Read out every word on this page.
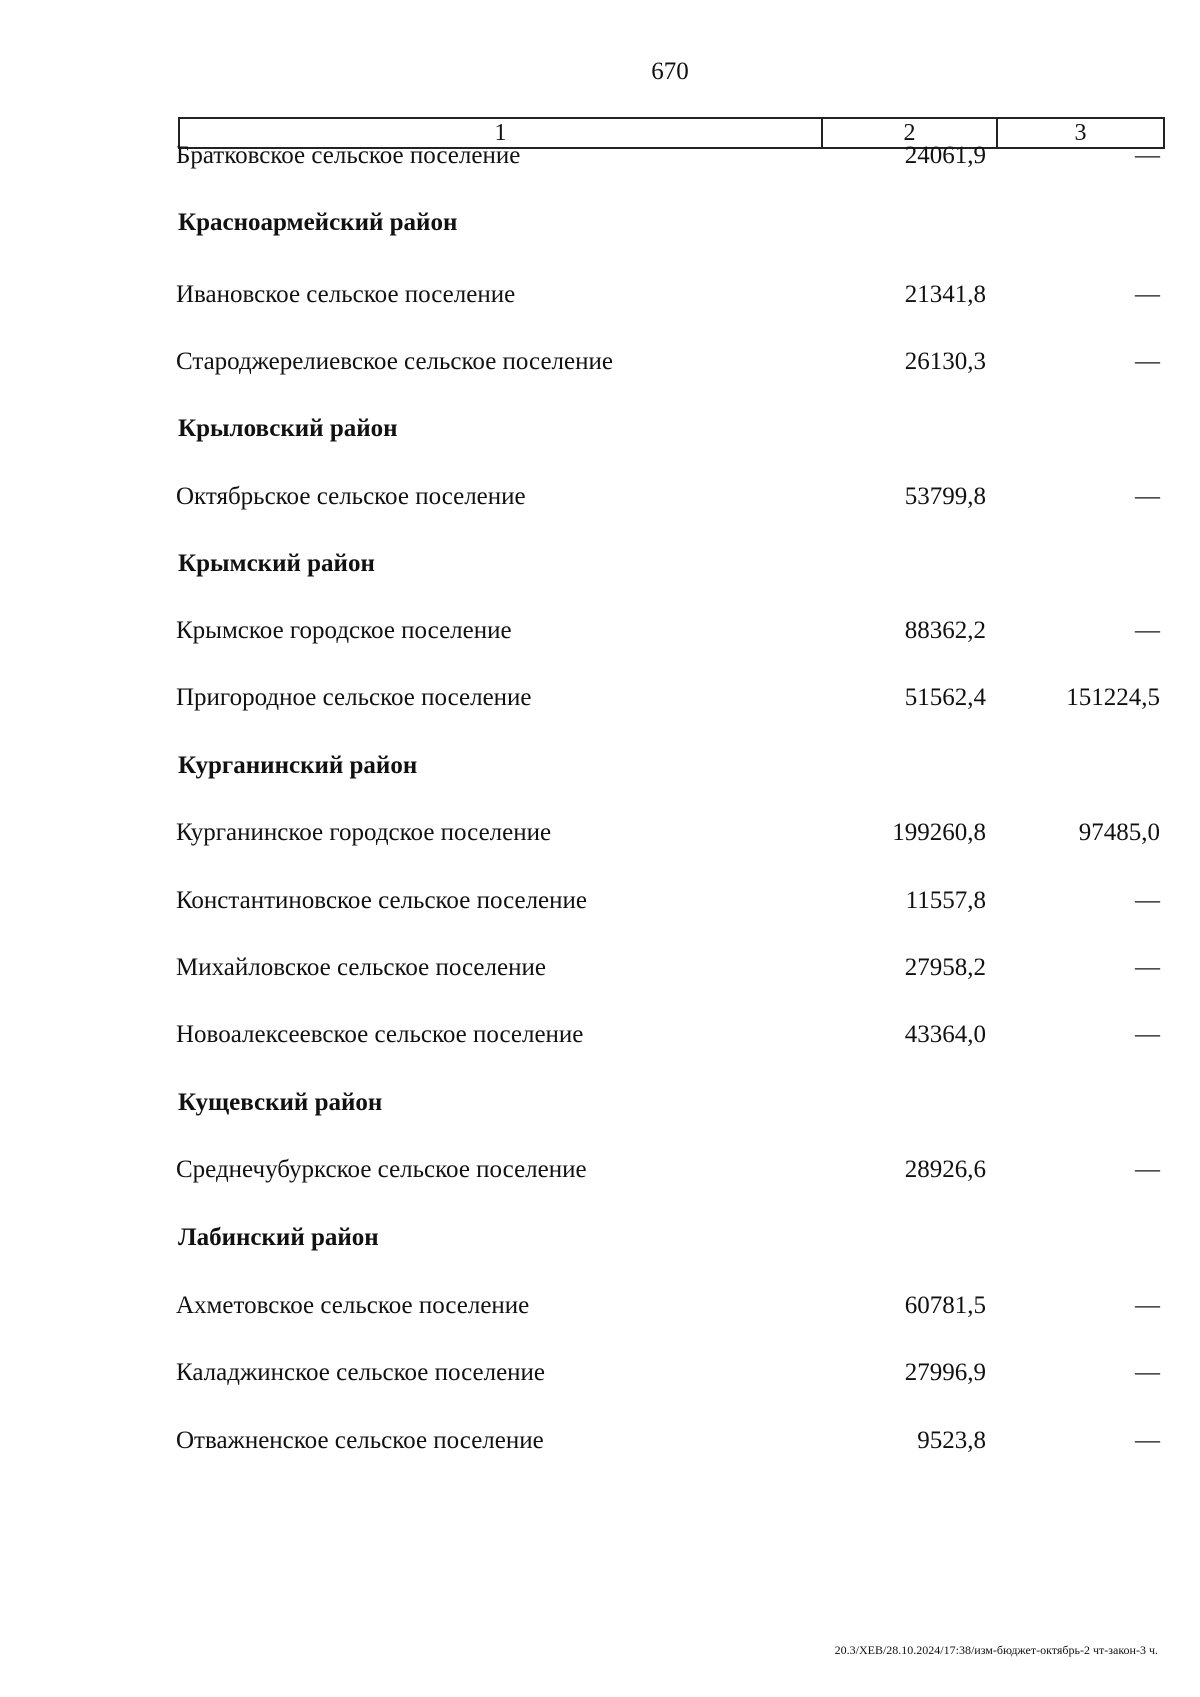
670
1	2	3
Братковское сельское поселение	24061,9	—
Красноармейский район
Ивановское сельское поселение	21341,8	—
Староджерелиевское сельское поселение	26130,3	—
Крыловский район
Октябрьское сельское поселение	53799,8	—
Крымский район
Крымское городское поселение	88362,2	—
Пригородное сельское поселение	51562,4	151224,5
Курганинский район
Курганинское городское поселение	199260,8	97485,0
Константиновское сельское поселение	11557,8	—
Михайловское сельское поселение	27958,2	—
Новоалексеевское сельское поселение	43364,0	—
Кущевский район
Среднечубуркское сельское поселение	28926,6	—
Лабинский район
Ахметовское сельское поселение	60781,5	—
Каладжинское сельское поселение	27996,9	—
Отважненское сельское поселение	9523,8	—
20.3/ХЕВ/28.10.2024/17:38/изм-бюджет-октябрь-2 чт-закон-3 ч.
